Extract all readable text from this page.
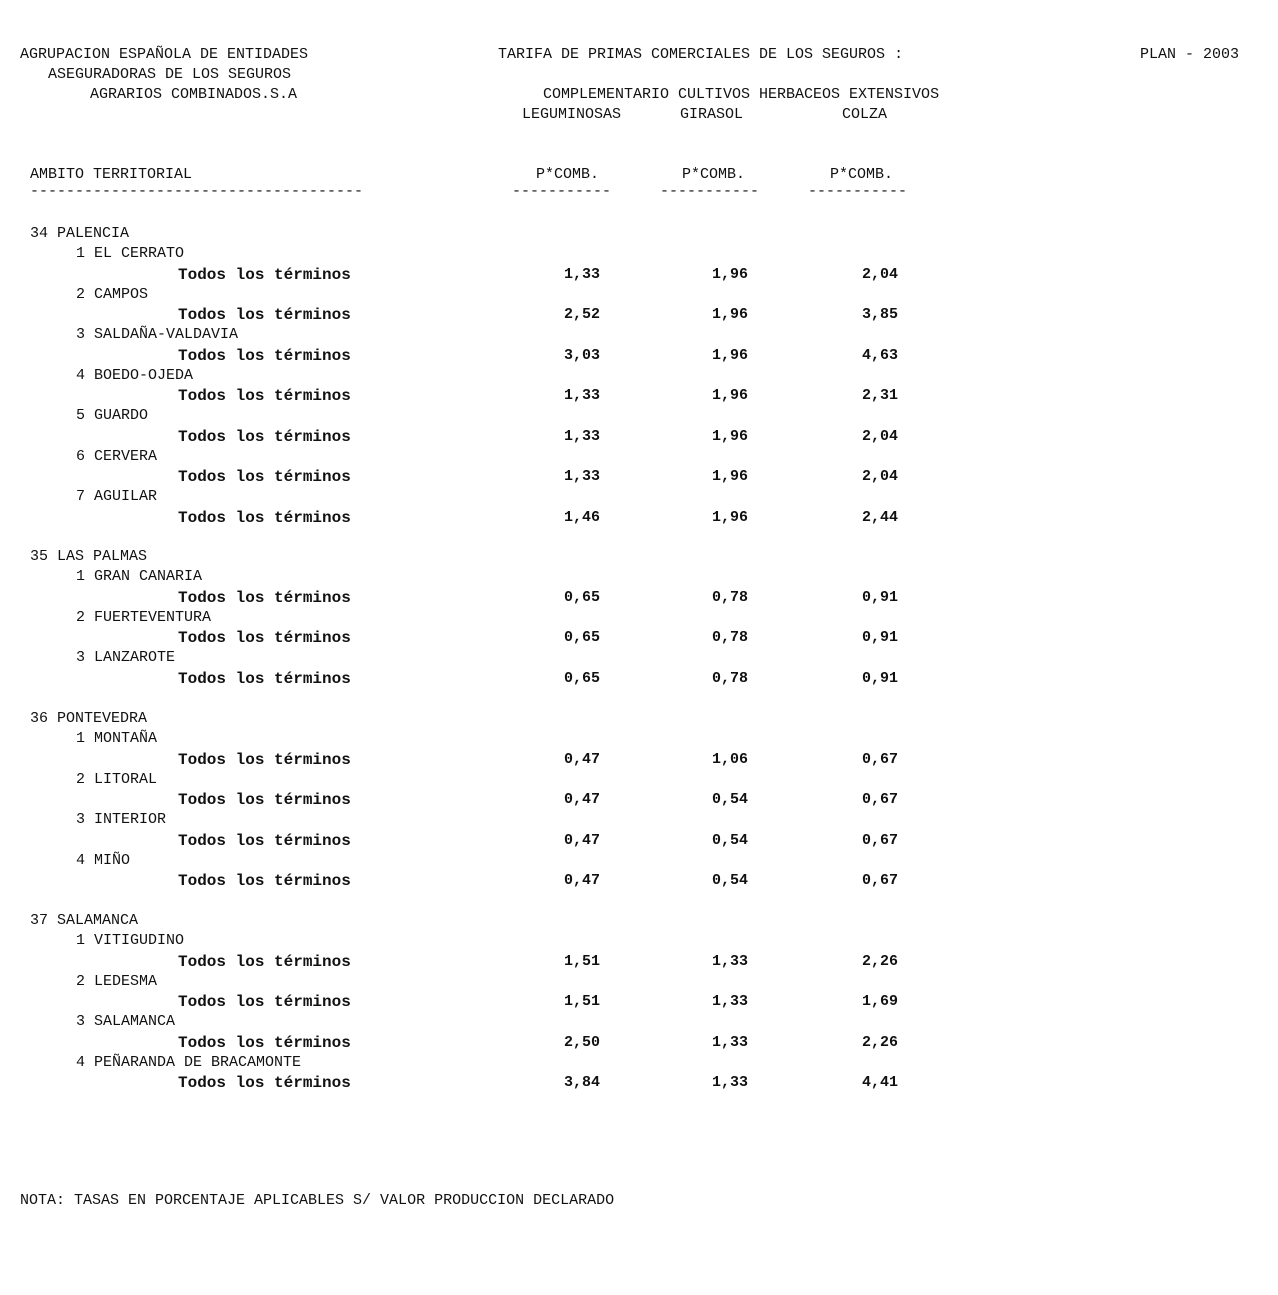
AGRUPACION ESPAÑOLA DE ENTIDADES
ASEGURADORAS DE LOS SEGUROS
AGRARIOS COMBINADOS.S.A
TARIFA DE PRIMAS COMERCIALES DE LOS SEGUROS :
COMPLEMENTARIO CULTIVOS HERBACEOS EXTENSIVOS
PLAN - 2003
LEGUMINOSAS	GIRASOL	COLZA
AMBITO TERRITORIAL	P*COMB.	P*COMB.	P*COMB.
-------------------------------------	-----------	-----------	-----------
34 PALENCIA
1 EL CERRATO
Todos los términos	1,33	1,96	2,04
2 CAMPOS
Todos los términos	2,52	1,96	3,85
3 SALDAÑA-VALDAVIA
Todos los términos	3,03	1,96	4,63
4 BOEDO-OJEDA
Todos los términos	1,33	1,96	2,31
5 GUARDO
Todos los términos	1,33	1,96	2,04
6 CERVERA
Todos los términos	1,33	1,96	2,04
7 AGUILAR
Todos los términos	1,46	1,96	2,44
35 LAS PALMAS
1 GRAN CANARIA
Todos los términos	0,65	0,78	0,91
2 FUERTEVENTURA
Todos los términos	0,65	0,78	0,91
3 LANZAROTE
Todos los términos	0,65	0,78	0,91
36 PONTEVEDRA
1 MONTAÑA
Todos los términos	0,47	1,06	0,67
2 LITORAL
Todos los términos	0,47	0,54	0,67
3 INTERIOR
Todos los términos	0,47	0,54	0,67
4 MIÑO
Todos los términos	0,47	0,54	0,67
37 SALAMANCA
1 VITIGUDINO
Todos los términos	1,51	1,33	2,26
2 LEDESMA
Todos los términos	1,51	1,33	1,69
3 SALAMANCA
Todos los términos	2,50	1,33	2,26
4 PEÑARANDA DE BRACAMONTE
Todos los términos	3,84	1,33	4,41
NOTA: TASAS EN PORCENTAJE APLICABLES S/ VALOR PRODUCCION DECLARADO
